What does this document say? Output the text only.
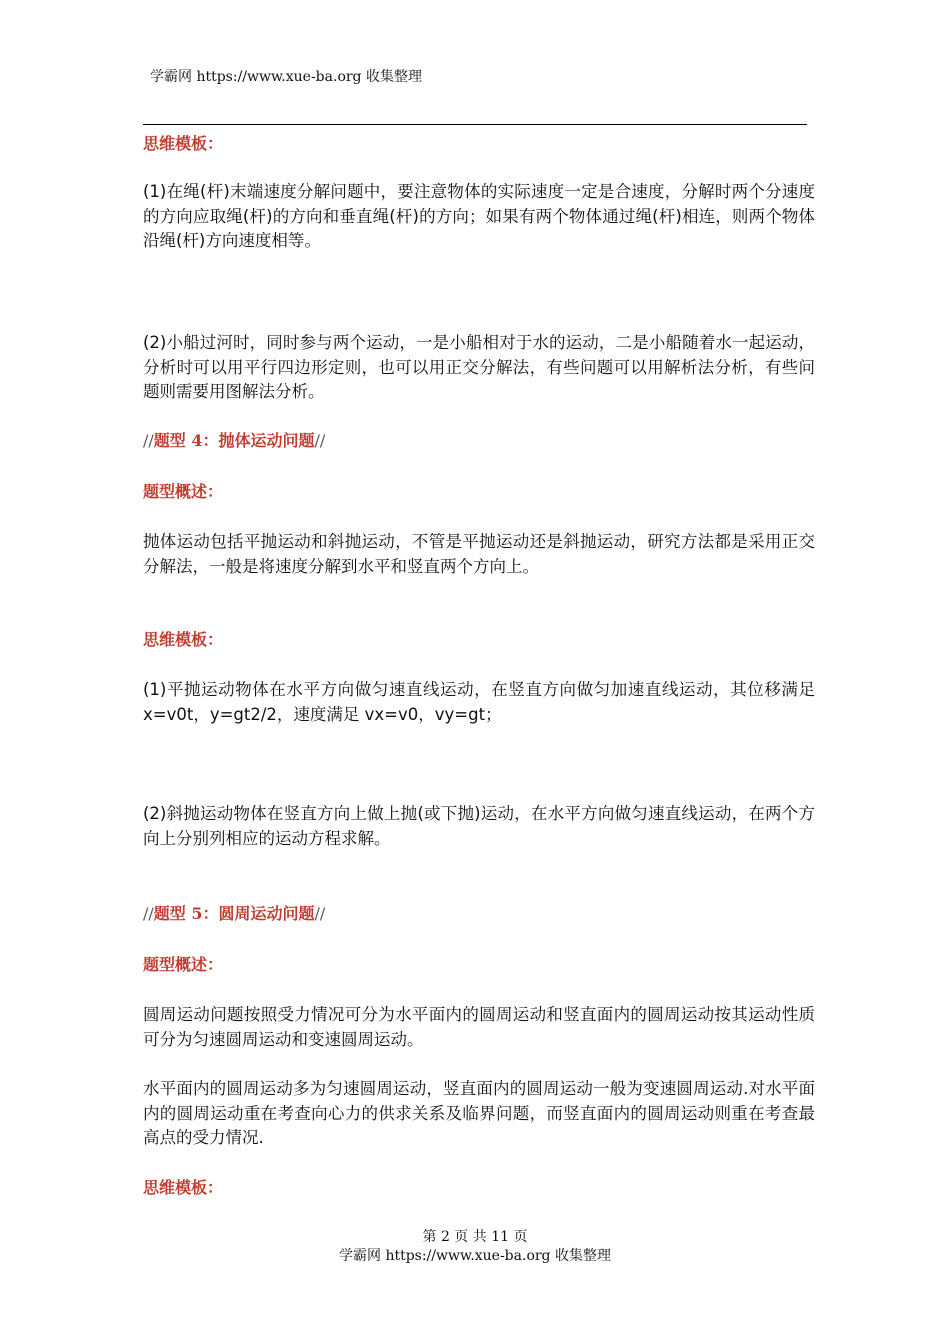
学霸网 https://www.xue-ba.org 收集整理
思维模板：
(1)在绳(杆)末端速度分解问题中，要注意物体的实际速度一定是合速度，分解时两个分速度的方向应取绳(杆)的方向和垂直绳(杆)的方向；如果有两个物体通过绳(杆)相连，则两个物体沿绳(杆)方向速度相等。
(2)小船过河时，同时参与两个运动，一是小船相对于水的运动，二是小船随着水一起运动，分析时可以用平行四边形定则，也可以用正交分解法，有些问题可以用解析法分析，有些问题则需要用图解法分析。
//题型 4：抛体运动问题//
题型概述：
抛体运动包括平抛运动和斜抛运动，不管是平抛运动还是斜抛运动，研究方法都是采用正交分解法，一般是将速度分解到水平和竖直两个方向上。
思维模板：
(1)平抛运动物体在水平方向做匀速直线运动，在竖直方向做匀加速直线运动，其位移满足 x=v0t，y=gt2/2，速度满足 vx=v0，vy=gt；
(2)斜抛运动物体在竖直方向上做上抛(或下抛)运动，在水平方向做匀速直线运动，在两个方向上分别列相应的运动方程求解。
//题型 5：圆周运动问题//
题型概述：
圆周运动问题按照受力情况可分为水平面内的圆周运动和竖直面内的圆周运动按其运动性质可分为匀速圆周运动和变速圆周运动。
水平面内的圆周运动多为匀速圆周运动，竖直面内的圆周运动一般为变速圆周运动.对水平面内的圆周运动重在考查向心力的供求关系及临界问题，而竖直面内的圆周运动则重在考查最高点的受力情况.
思维模板：
第 2 页 共 11 页
学霸网 https://www.xue-ba.org 收集整理
